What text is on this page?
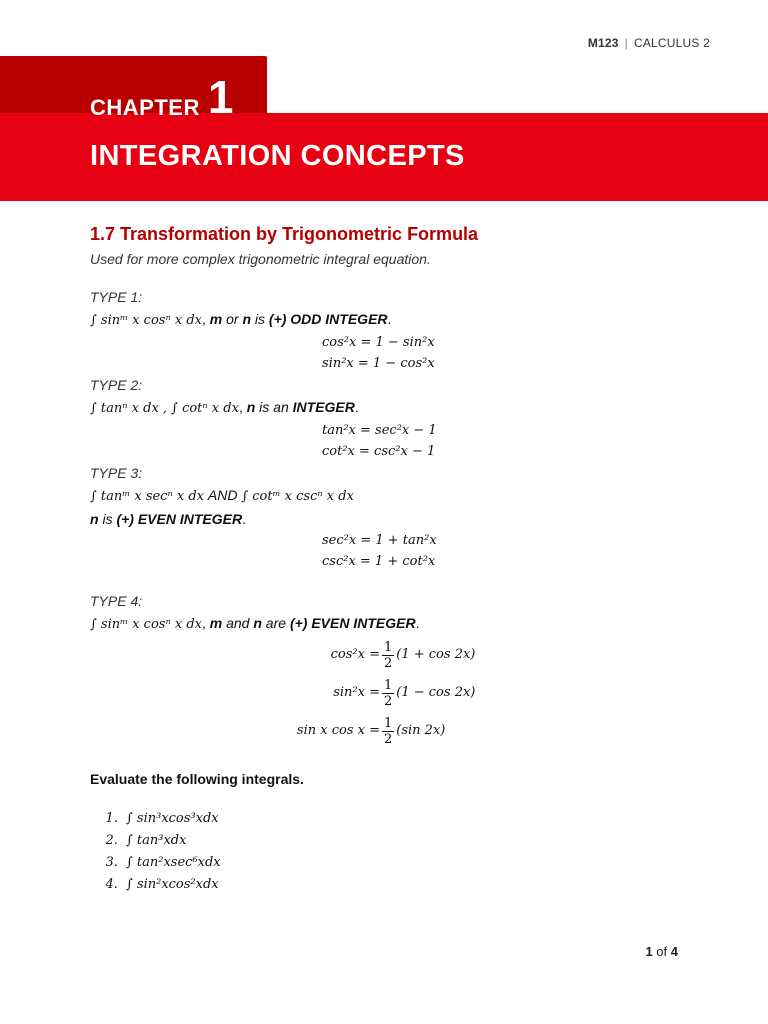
M123 | CALCULUS 2
CHAPTER 1
INTEGRATION CONCEPTS
1.7 Transformation by Trigonometric Formula
Used for more complex trigonometric integral equation.
TYPE 1:
∫ sinᵐ x cosⁿ x dx, m or n is (+) ODD INTEGER.
cos²x = 1 − sin²x
sin²x = 1 − cos²x
TYPE 2:
∫ tanⁿ x dx , ∫ cotⁿ x dx, n is an INTEGER.
tan²x = sec²x − 1
cot²x = csc²x − 1
TYPE 3:
∫ tanᵐ x secⁿ x dx AND ∫ cotᵐ x cscⁿ x dx
n is (+) EVEN INTEGER.
sec²x = 1 + tan²x
csc²x = 1 + cot²x
TYPE 4:
∫ sinᵐ x cosⁿ x dx, m and n are (+) EVEN INTEGER.
$\cos^2x = \frac{1}{2} (1 + \cos 2x)$
$\sin^2x = \frac{1}{2} (1 - \cos 2x)$
sin x $\cos x = \frac{1}{2} (\sin$ 2x)
Evaluate the following integrals.
1. ∫ sin³xcos³xdx
2. ∫ tan³xdx
3. ∫ tan²xsec⁶xdx
4. ∫ sin²xcos²xdx
1 of 4
